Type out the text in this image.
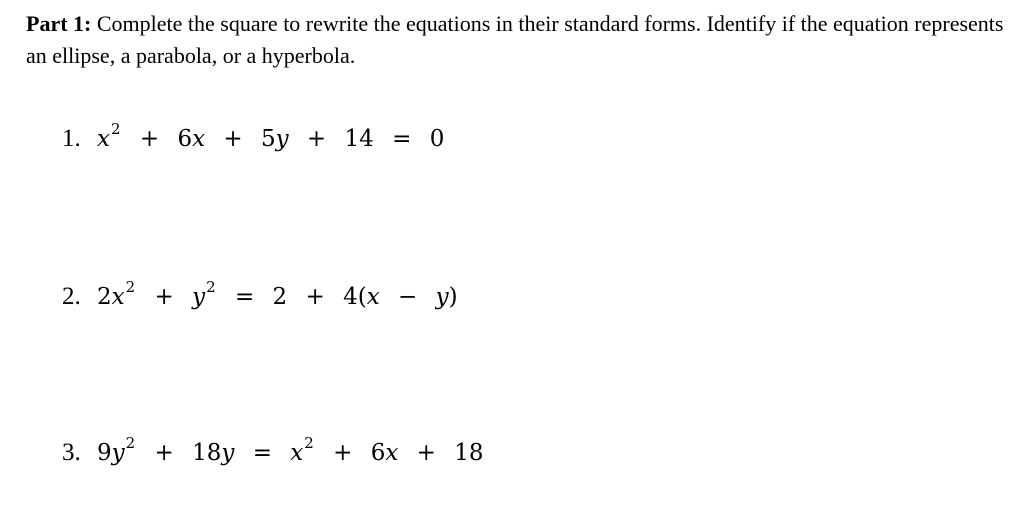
Part 1: Complete the square to rewrite the equations in their standard forms. Identify if the equation represents an ellipse, a parabola, or a hyperbola.
1. $x^2 + 6x + 5y + 14 = 0$
2. $2x^2 + y^2 = 2 + 4(x - y)$
3. $9y^2 + 18y = x^2 + 6x + 18$
